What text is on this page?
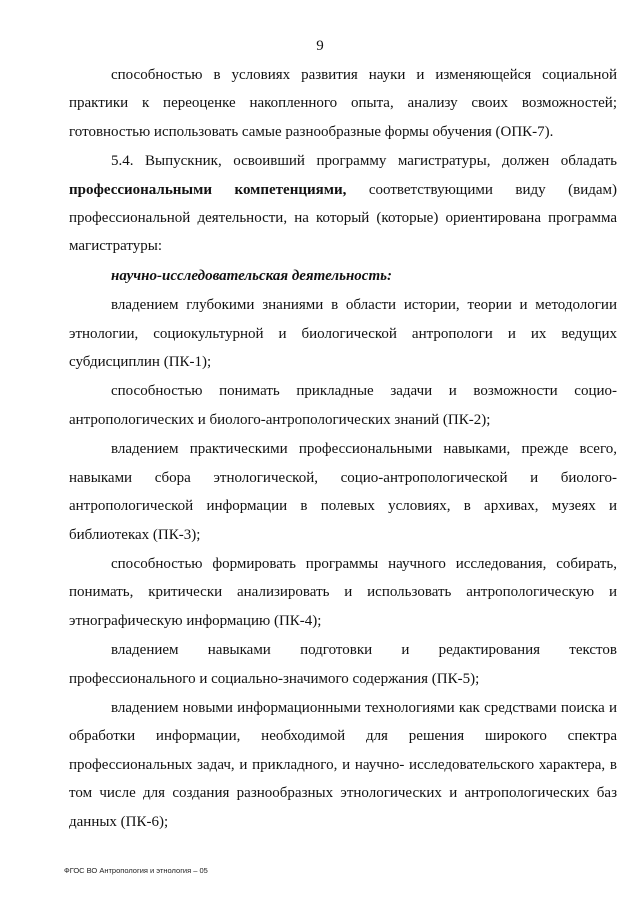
9

способностью в условиях развития науки и изменяющейся социальной практики к переоценке накопленного опыта, анализу своих возможностей; готовностью использовать самые разнообразные формы обучения (ОПК-7).

5.4. Выпускник, освоивший программу магистратуры, должен обладать профессиональными компетенциями, соответствующими виду (видам) профессиональной деятельности, на который (которые) ориентирована программа магистратуры:

научно-исследовательская деятельность:

владением глубокими знаниями в области истории, теории и методологии этнологии, социокультурной и биологической антропологи и их ведущих субдисциплин (ПК-1);

способностью понимать прикладные задачи и возможности социо-антропологических и биолого-антропологических знаний (ПК-2);

владением практическими профессиональными навыками, прежде всего, навыками сбора этнологической, социо-антропологической и биолого-антропологической информации в полевых условиях, в архивах, музеях и библиотеках (ПК-3);

способностью формировать программы научного исследования, собирать, понимать, критически анализировать и использовать антропологическую и этнографическую информацию (ПК-4);

владением навыками подготовки и редактирования текстов профессионального и социально-значимого содержания (ПК-5);

владением новыми информационными технологиями как средствами поиска и обработки информации, необходимой для решения широкого спектра профессиональных задач, и прикладного, и научно- исследовательского характера, в том числе для создания разнообразных этнологических и антропологических баз данных (ПК-6);

ФГОС ВО Антропология и этнология – 05
